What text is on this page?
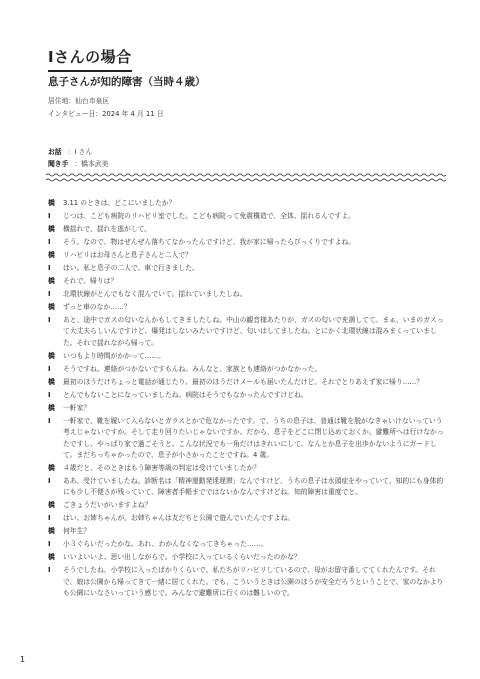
Iさんの場合
息子さんが知的障害（当時４歳）

居住地：仙台市泉区

インタビュー日：2024 年 4 月 11 日

お話 ：I さん

聞き手 ：橋本武美

橋	3.11 のときは、どこにいましたか？
I	じつは、こども病院のリハビリ室でした。こども病院って免震構造で、全体、揺れるんですよ。
橋	横揺れで、揺れを逃がして。
I	そう。なので、物はぜんぜん落ちてなかったんですけど、我が家に帰ったらびっくりですよね。
橋	リハビリはお母さんと息子さんと二人で？
I	はい。私と息子の二人で、車で行きました。
橋	それで、帰りは？
I	北環状線がとんでもなく混んでいて。揺れていましたしね。
橋	ずっと車のなか……？
I	あと、途中でガスの匂いなんかもしてきましたしね。中山の観音様あたりが、ガスの匂いで充満してて。まぁ、いまのガスって大丈夫らしいんですけど、爆発はしないみたいですけど、匂いはしてましたね。とにかく北環状線は混みまくっていました。それで揺れながら帰って。
橋	いつもより時間がかかって……。
I	そうですね。連絡がつかないですもんね。みんなと、家族とも連絡がつかなかった。
橋	最初のほうだけちょっと電話が通じたり、最初のほうだけメールも届いたんだけど。それでとりあえず家に帰り……？
I	とんでもないことになっていましたね。病院はそうでもなかったんですけどね。
橋	一軒家？
I	一軒家で、靴を履いて入らないとガラスとかで危なかったです。で、うちの息子は、普通は靴を脱がなきゃいけないっていう考えじゃないですか。そして走り回りたいじゃないですか。だから、息子をどこに閉じ込めておくか。避難所へは行けなかったですし、やっぱり家で過ごそうと。こんな状況でも一角だけはきれいにして、なんとか息子を出歩かないようにガードして。まだちっちゃかったので、息子が小さかったことですね。4 歳。
橋	４歳だと、そのときはもう障害等級の判定は受けていましたか？
I	ああ、受けていましたね。診断名は「精神運動発達遅滞」なんですけど、うちの息子は水頭症をやっていて。知的にも身体的にも少し不便さが残っていて、障害者手帳までではないかなんですけどね。知的障害は重度でと。
橋	ごきょうだいがいますよね？
I	はい、お姉ちゃんが。お姉ちゃんは友だちと公園で遊んでいたんですよね。
橋	何年生？
I	小３ぐらいだったかな。あれ、わかんなくなってきちゃった……。
橋	いいよいいよ、思い出しながらで。小学校に入っているくらいだったのかな？
I	そうでしたね、小学校に入ったばかりくらいで、私たちがリハビリしているので、母がお留守番しててくれたんです。それで、娘は公園から帰ってきて一緒に居てくれた。でも、こういうときは公園のほうが安全だろうということで、家のなかよりも公園にいなさいっていう感じで。みんなで避難所に行くのは難しいので。

1
